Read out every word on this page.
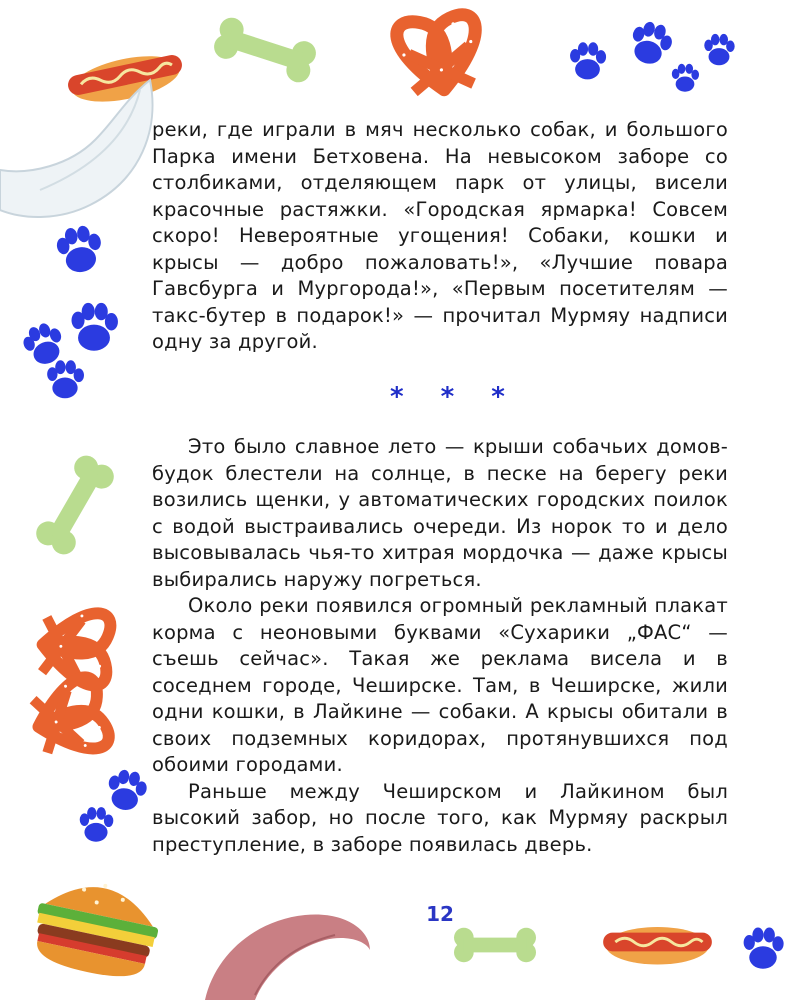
реки, где играли в мяч несколько собак, и большого Парка имени Бетховена. На невысоком заборе со столбиками, отделяющем парк от улицы, висели красочные растяжки. «Городская ярмарка! Совсем скоро! Невероятные угощения! Собаки, кошки и крысы — добро пожаловать!», «Лучшие повара Гавсбурга и Мургорода!», «Первым посетителям — такс-бутер в подарок!» — прочитал Мурмяу надписи одну за другой.

* * *

Это было славное лето — крыши собачьих домов-будок блестели на солнце, в песке на берегу реки возились щенки, у автоматических городских поилок с водой выстраивались очереди. Из норок то и дело высовывалась чья-то хитрая мордочка — даже крысы выбирались наружу погреться.

Около реки появился огромный рекламный плакат корма с неоновыми буквами «Сухарики „ФАС“ — съешь сейчас». Такая же реклама висела и в соседнем городе, Чеширске. Там, в Чеширске, жили одни кошки, в Лайкине — собаки. А крысы обитали в своих подземных коридорах, протянувшихся под обоими городами.

Раньше между Чеширском и Лайкином был высокий забор, но после того, как Мурмяу раскрыл преступление, в заборе появилась дверь.

12
